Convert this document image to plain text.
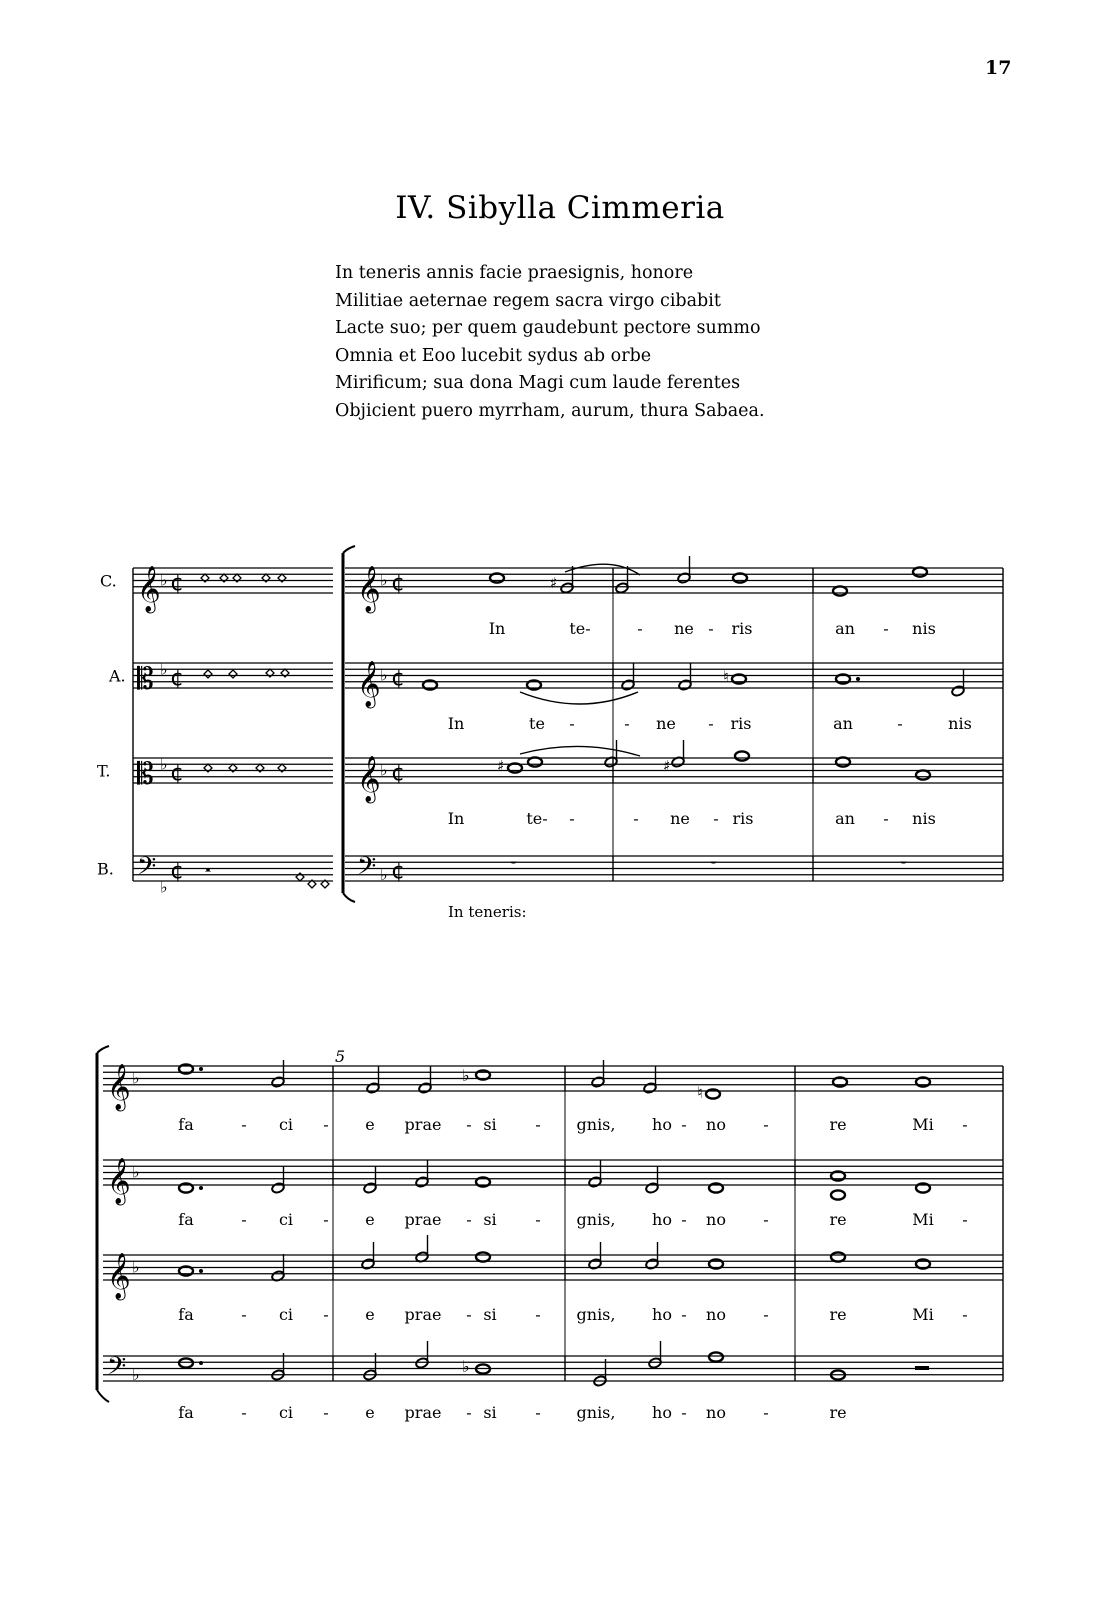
17
IV. Sibylla Cimmeria
In teneris annis facie praesignis, honore
Militiae aeternae regem sacra virgo cibabit
Lacte suo; per quem gaudebunt pectore summo
Omnia et Eoo lucebit sydus ab orbe
Mirificum; sua dona Magi cum laude ferentes
Objicient puero myrrham, aurum, thura Sabaea.
C. 𝄞 ♭ ¢	𝄞 ♭ ¢
A. 𝄡 ♭ ¢	𝄞 ♭ ¢
T. 𝄡 ♭ ¢	𝄞 ♭ ¢
B. 𝄢 ♭
¢	𝄢 ♭ ¢
𝄺
♯
♮
♯	♯
𝄻	𝄻	𝄻
In	te-	- ne - ris	an - nis
In	te -	- ne - ris	an	-	nis
In	te- -	- ne - ris	an - nis
In teneris:
𝄞 ♭
𝄞 ♭
𝄞 ♭
𝄢 ♭
5
♭
♮
♭
fa	- ci - e prae - si - gnis, ho - no -	re	Mi -
fa	- ci - e prae - si - gnis, ho - no -	re	Mi -
fa	- ci - e prae - si - gnis, ho - no -	re	Mi -
fa	- ci - e prae - si - gnis, ho - no -	re
